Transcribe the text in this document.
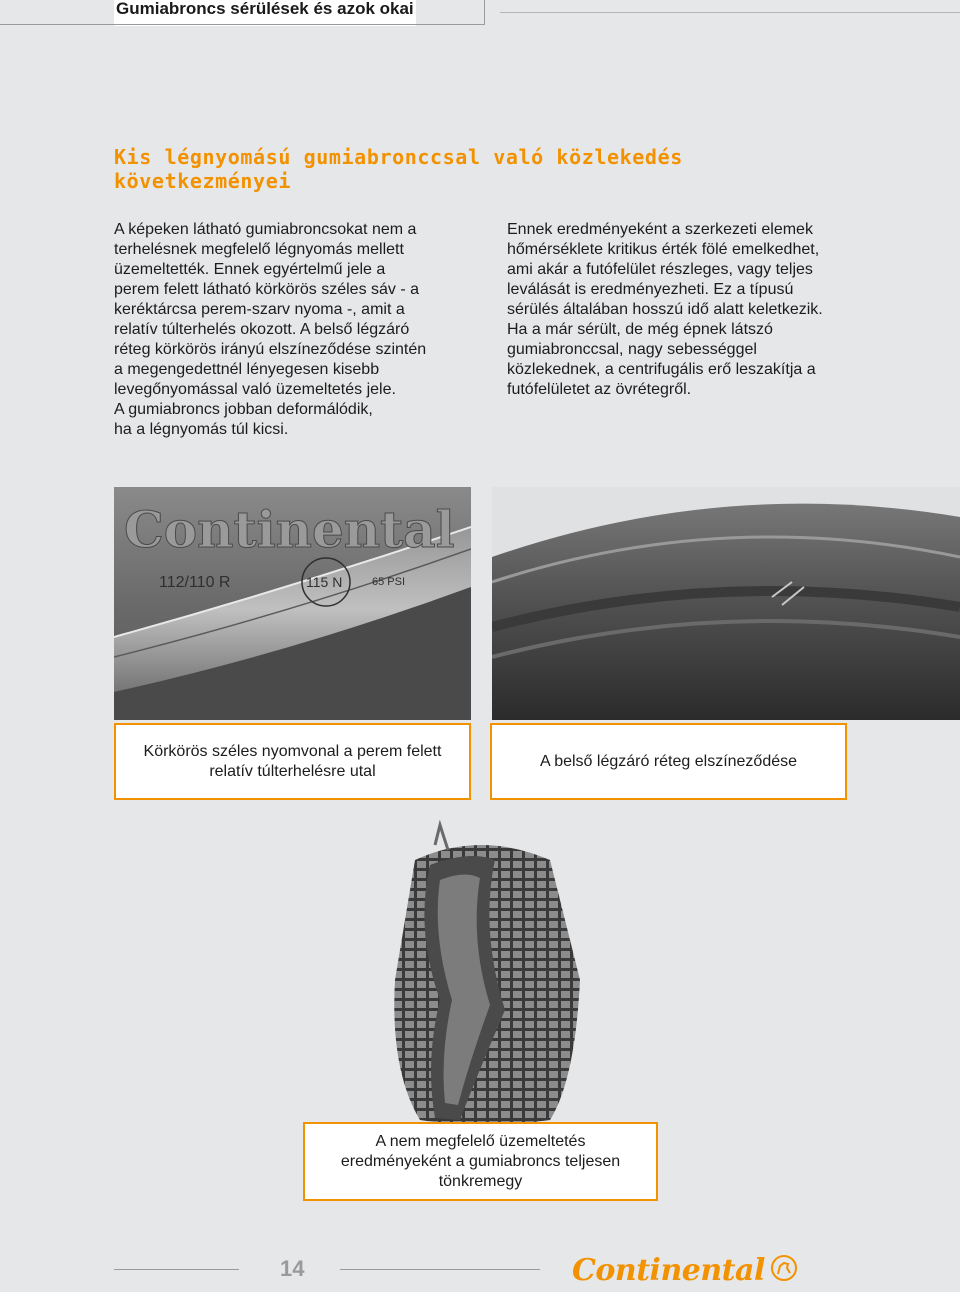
Gumiabroncs sérülések és azok okai
Kis légnyomású gumiabronccsal való közlekedés
következményei
A képeken látható gumiabroncsokat nem a
terhelésnek megfelelő légnyomás mellett
üzemeltették. Ennek egyértelmű jele a
perem felett látható körkörös széles sáv - a
keréktárcsa perem-szarv nyoma -, amit a
relatív túlterhelés okozott. A belső légzáró
réteg körkörös irányú elszíneződése szintén
a megengedettnél lényegesen kisebb
levegőnyomással való üzemeltetés jele.
A gumiabroncs jobban deformálódik,
ha a légnyomás túl kicsi.
Ennek eredményeként a szerkezeti elemek
hőmérséklete kritikus érték fölé emelkedhet,
ami akár a futófelület részleges, vagy teljes
leválását is eredményezheti. Ez a típusú
sérülés általában hosszú idő alatt keletkezik.
Ha a már sérült, de még épnek látszó
gumiabronccsal, nagy sebességgel
közlekednek, a centrifugális erő leszakítja a
futófelületet az övrétegről.
Continental
112/110 R	115 N	65 PSI
Körkörös széles nyomvonal a perem felett
relatív túlterhelésre utal
A belső légzáró réteg elszíneződése
A nem megfelelő üzemeltetés
eredményeként a gumiabroncs teljesen
tönkremegy
14	Continental
